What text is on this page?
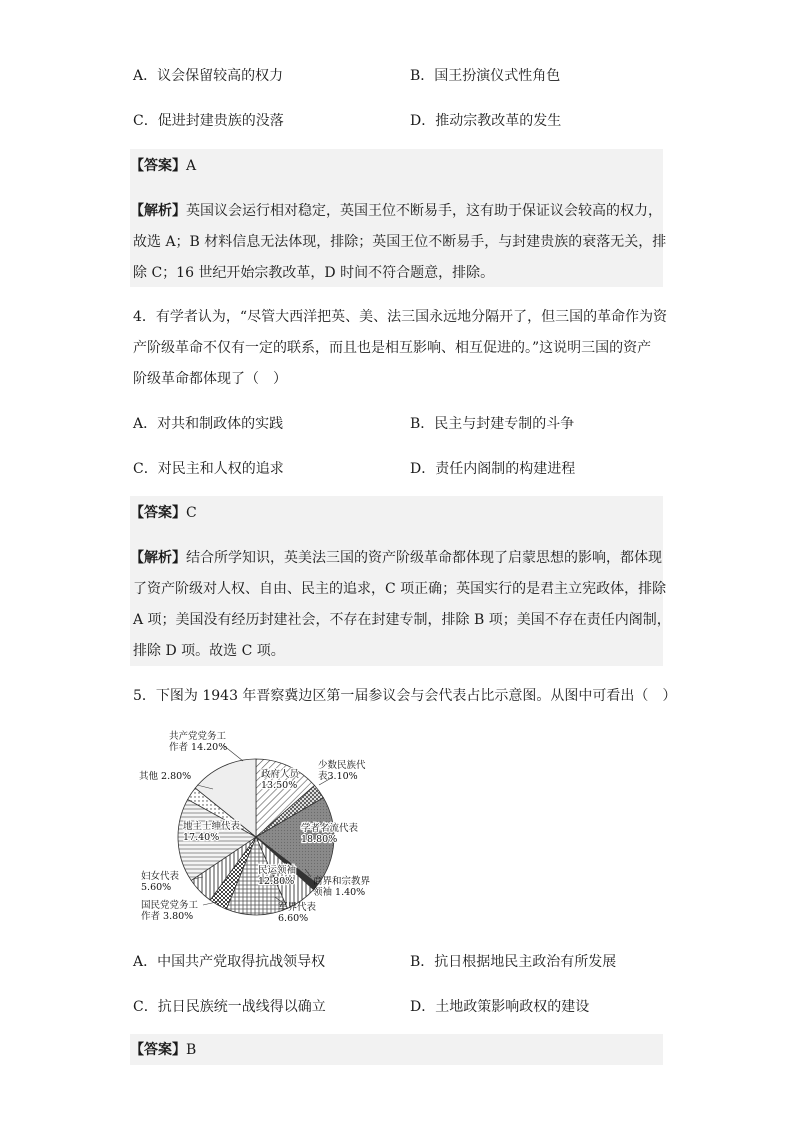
A．议会保留较高的权力	B．国王扮演仪式性角色
C．促进封建贵族的没落	D．推动宗教改革的发生
【答案】A
【解析】英国议会运行相对稳定，英国王位不断易手，这有助于保证议会较高的权力，
故选 A；B 材料信息无法体现，排除；英国王位不断易手，与封建贵族的衰落无关，排
除 C；16 世纪开始宗教改革，D 时间不符合题意，排除。
4．有学者认为，“尽管大西洋把英、美、法三国永远地分隔开了，但三国的革命作为资
产阶级革命不仅有一定的联系，而且也是相互影响、相互促进的。”这说明三国的资产
阶级革命都体现了（　）
A．对共和制政体的实践	B．民主与封建专制的斗争
C．对民主和人权的追求	D．责任内阁制的构建进程
【答案】C
【解析】结合所学知识，英美法三国的资产阶级革命都体现了启蒙思想的影响，都体现
了资产阶级对人权、自由、民主的追求，C 项正确；英国实行的是君主立宪政体，排除
A 项；美国没有经历封建社会，不存在封建专制，排除 B 项；美国不存在责任内阁制，
排除 D 项。故选 C 项。
5．下图为 1943 年晋察冀边区第一届参议会与会代表占比示意图。从图中可看出（　）
政府人员
13.50%
少数民族代
表3.10%
学者名流代表
18.80%
商界和宗教界
领袖 1.40%
军界代表
6.60%
民运领袖
12.80%
国民党党务工
作者 3.80%
妇女代表
5.60%
地主士绅代表
17.40%
其他 2.80%
共产党党务工
作者 14.20%
A．中国共产党取得抗战领导权	B．抗日根据地民主政治有所发展
C．抗日民族统一战线得以确立	D．土地政策影响政权的建设
【答案】B
